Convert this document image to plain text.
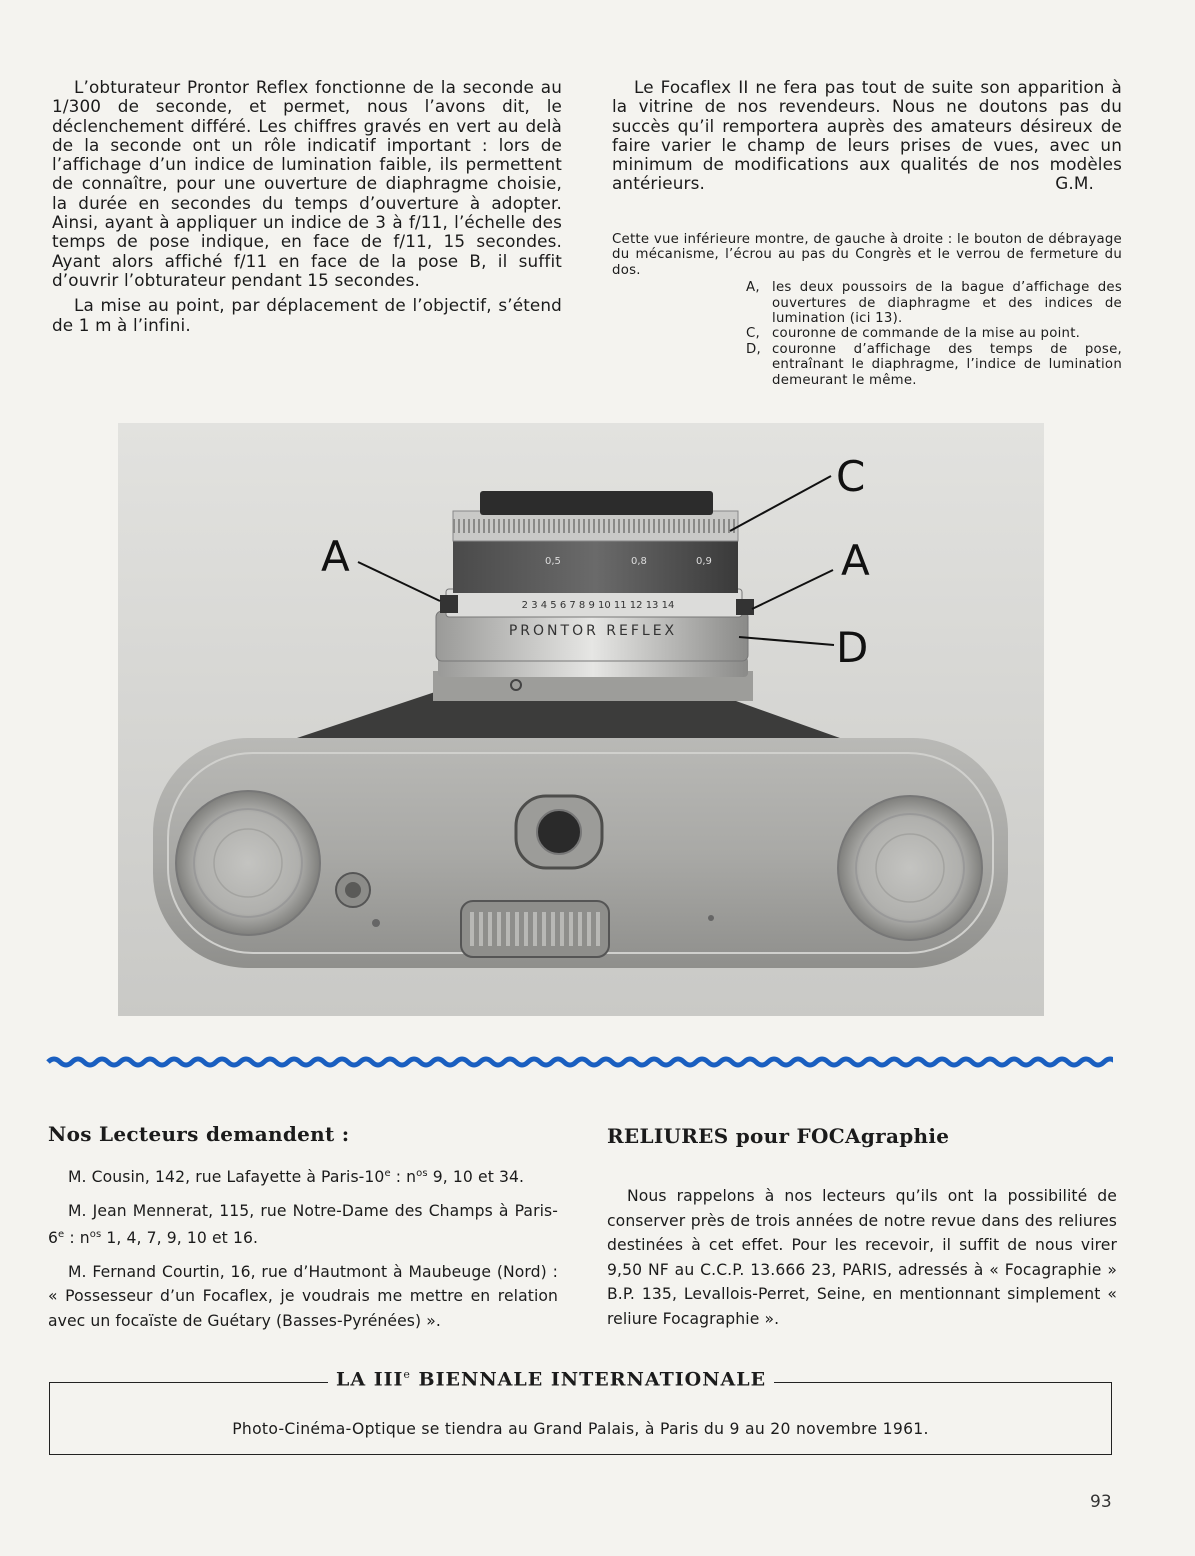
L’obturateur Prontor Reflex fonctionne de la seconde au 1/300 de seconde, et permet, nous l’avons dit, le déclenchement différé. Les chiffres gravés en vert au delà de la seconde ont un rôle indicatif important : lors de l’affichage d’un indice de lumination faible, ils permettent de connaître, pour une ouverture de diaphragme choisie, la durée en secondes du temps d’ouverture à adopter. Ainsi, ayant à appliquer un indice de 3 à f/11, l’échelle des temps de pose indique, en face de f/11, 15 secondes. Ayant alors affiché f/11 en face de la pose B, il suffit d’ouvrir l’obturateur pendant 15 secondes.

La mise au point, par déplacement de l’objectif, s’étend de 1 m à l’infini.

Le Focaflex II ne fera pas tout de suite son apparition à la vitrine de nos revendeurs. Nous ne doutons pas du succès qu’il remportera auprès des amateurs désireux de faire varier le champ de leurs prises de vues, avec un minimum de modifications aux qualités de nos modèles antérieurs.	G.M.

Cette vue inférieure montre, de gauche à droite : le bouton de débrayage du mécanisme, l’écrou au pas du Congrès et le verrou de fermeture du dos.

A, les deux poussoirs de la bague d’affichage des ouvertures de diaphragme et des indices de lumination (ici 13).
C, couronne de commande de la mise au point.
D, couronne d’affichage des temps de pose, entraînant le diaphragme, l’indice de lumination demeurant le même.
PRONTOR REFLEX
2 3 4 5 6 7 8 9 10 11 12 13 14
0,5	0,8	0,9
A
C
A
D
Nos Lecteurs demandent :

M. Cousin, 142, rue Lafayette à Paris-10e : $n^{os}$ 9, 10 et 34.

M. Jean Mennerat, 115, rue Notre-Dame des Champs à Paris-6e : $n^{os}$ 1, 4, 7, 9, 10 et 16.

M. Fernand Courtin, 16, rue d’Hautmont à Maubeuge (Nord) : « Possesseur d’un Focaflex, je voudrais me mettre en relation avec un focaïste de Guétary (Basses-Pyrénées) ».

RELIURES pour FOCAgraphie

Nous rappelons à nos lecteurs qu’ils ont la possibilité de conserver près de trois années de notre revue dans des reliures destinées à cet effet. Pour les recevoir, il suffit de nous virer 9,50 NF au C.C.P. 13.666 23, PARIS, adressés à « Focagraphie » B.P. 135, Levallois-Perret, Seine, en mentionnant simplement « reliure Focagraphie ».

LA IIIe BIENNALE INTERNATIONALE
Photo-Cinéma-Optique se tiendra au Grand Palais, à Paris du 9 au 20 novembre 1961.
93
